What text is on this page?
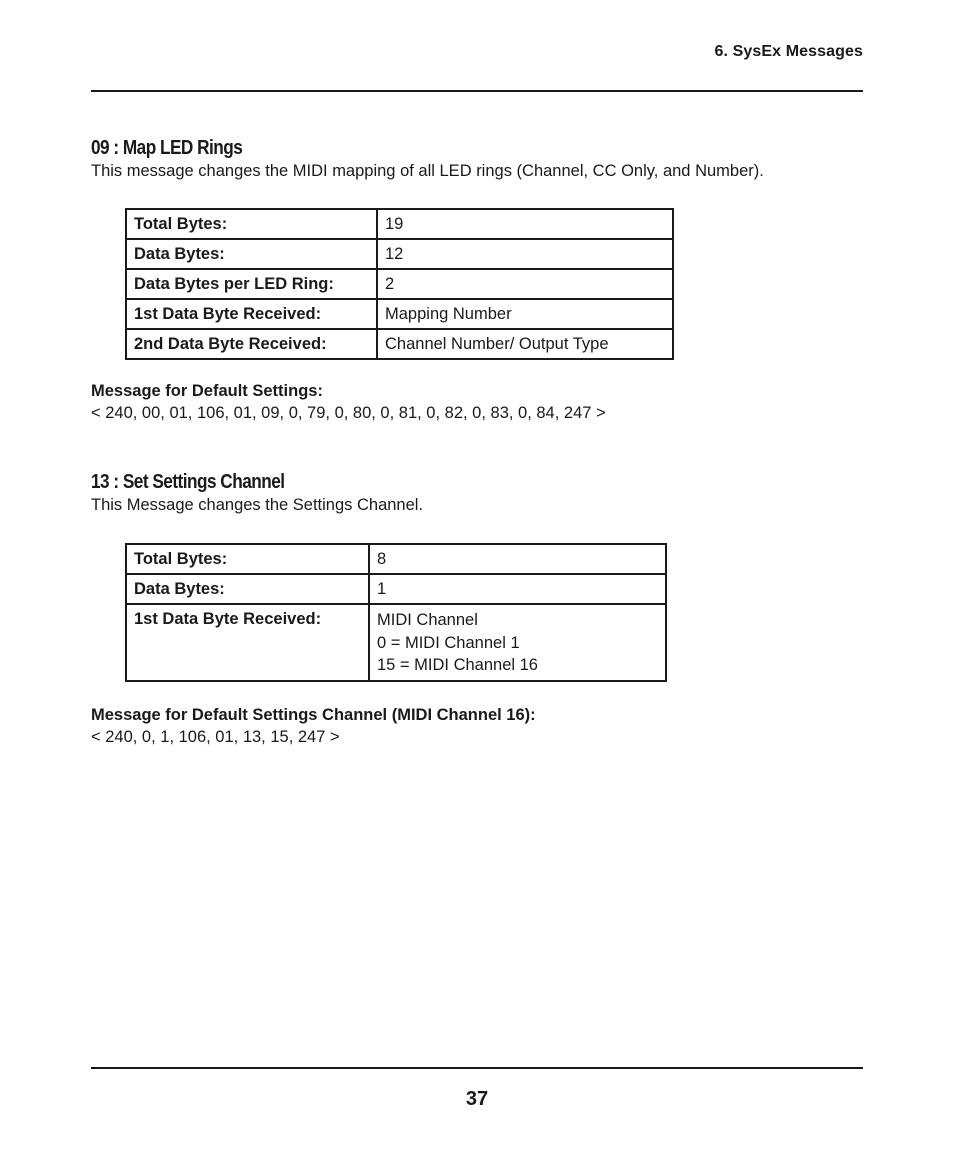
6. SysEx Messages
09 : Map LED Rings

This message changes the MIDI mapping of all LED rings (Channel, CC Only, and Number).

Total Bytes:	19
Data Bytes:	12
Data Bytes per LED Ring:	2
1st Data Byte Received:	Mapping Number
2nd Data Byte Received:	Channel Number/ Output Type

Message for Default Settings:

< 240, 00, 01, 106, 01, 09, 0, 79, 0, 80, 0, 81, 0, 82, 0, 83, 0, 84, 247 >

13 : Set Settings Channel

This Message changes the Settings Channel.

Total Bytes:	8
Data Bytes:	1
1st Data Byte Received:	MIDI Channel
0 = MIDI Channel 1
15 = MIDI Channel 16

Message for Default Settings Channel (MIDI Channel 16):

< 240, 0, 1, 106, 01, 13, 15, 247 >

37
